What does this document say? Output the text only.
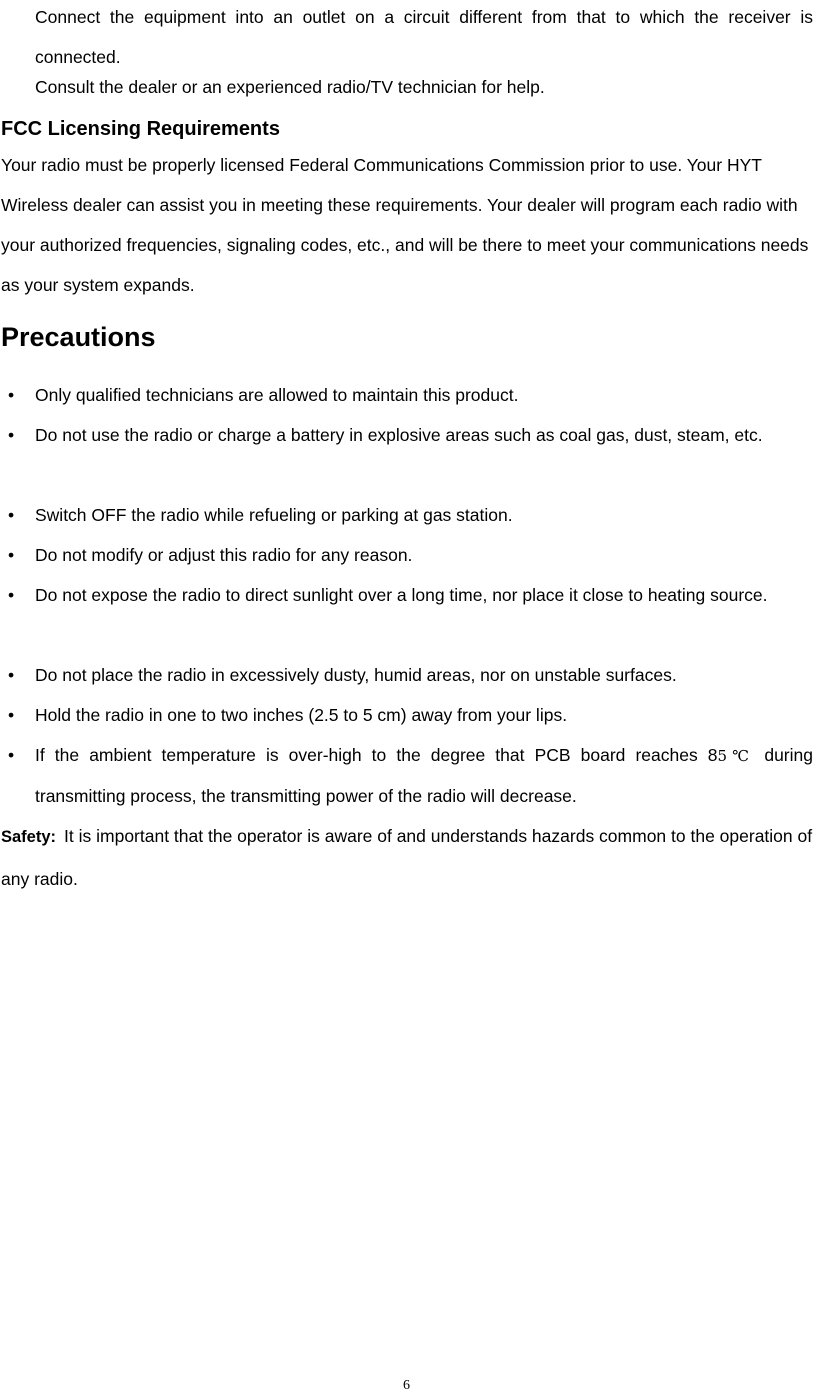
Connect the equipment into an outlet on a circuit different from that to which the receiver is connected.

Consult the dealer or an experienced radio/TV technician for help.

FCC Licensing Requirements

Your radio must be properly licensed Federal Communications Commission prior to use. Your HYT Wireless dealer can assist you in meeting these requirements. Your dealer will program each radio with your authorized frequencies, signaling codes, etc., and will be there to meet your communications needs as your system expands.

Precautions
• Only qualified technicians are allowed to maintain this product.

• Do not use the radio or charge a battery in explosive areas such as coal gas, dust, steam, etc.

• Switch OFF the radio while refueling or parking at gas station.

• Do not modify or adjust this radio for any reason.

• Do not expose the radio to direct sunlight over a long time, nor place it close to heating source.

• Do not place the radio in excessively dusty, humid areas, nor on unstable surfaces.

• Hold the radio in one to two inches (2.5 to 5 cm) away from your lips.

• If the ambient temperature is over-high to the degree that PCB board reaches 85℃ during transmitting process, the transmitting power of the radio will decrease.

Safety: It is important that the operator is aware of and understands hazards common to the operation of any radio.

6
